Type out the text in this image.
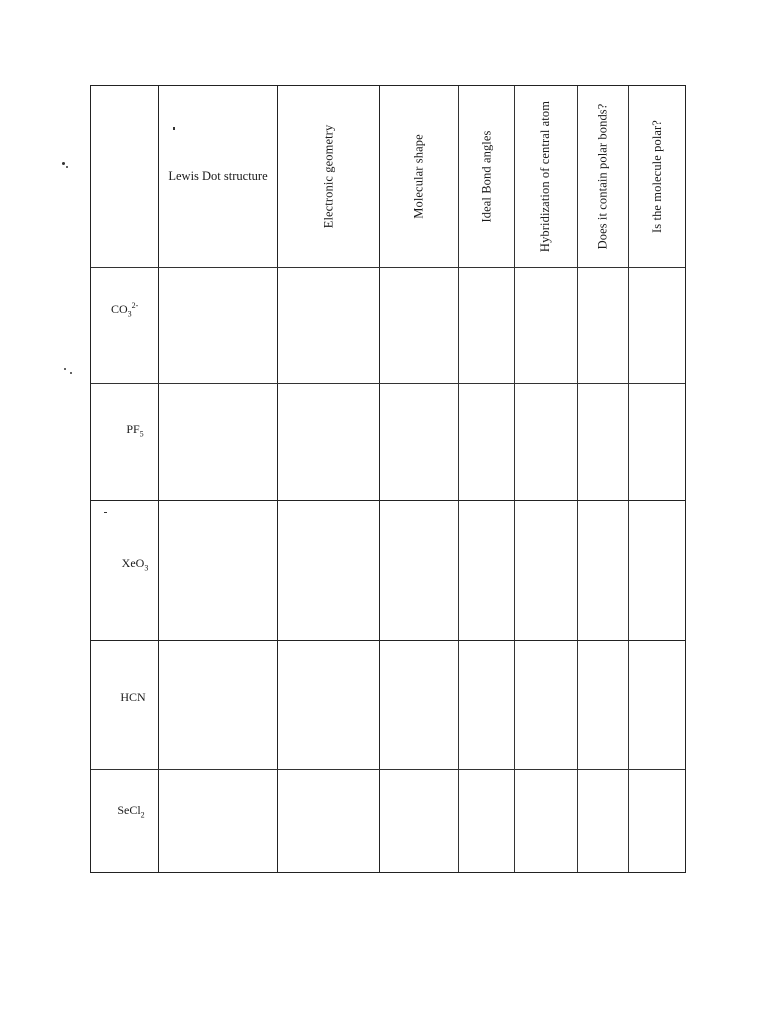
Lewis Dot structure	Electronic geometry	Molecular shape	Ideal Bond angles	Hybridization of central atom	Does it contain polar bonds?	Is the molecule polar?
$CO_3^{2-}$
$PF_5$
XeO$_3$
HCN
SeCl$_2$
